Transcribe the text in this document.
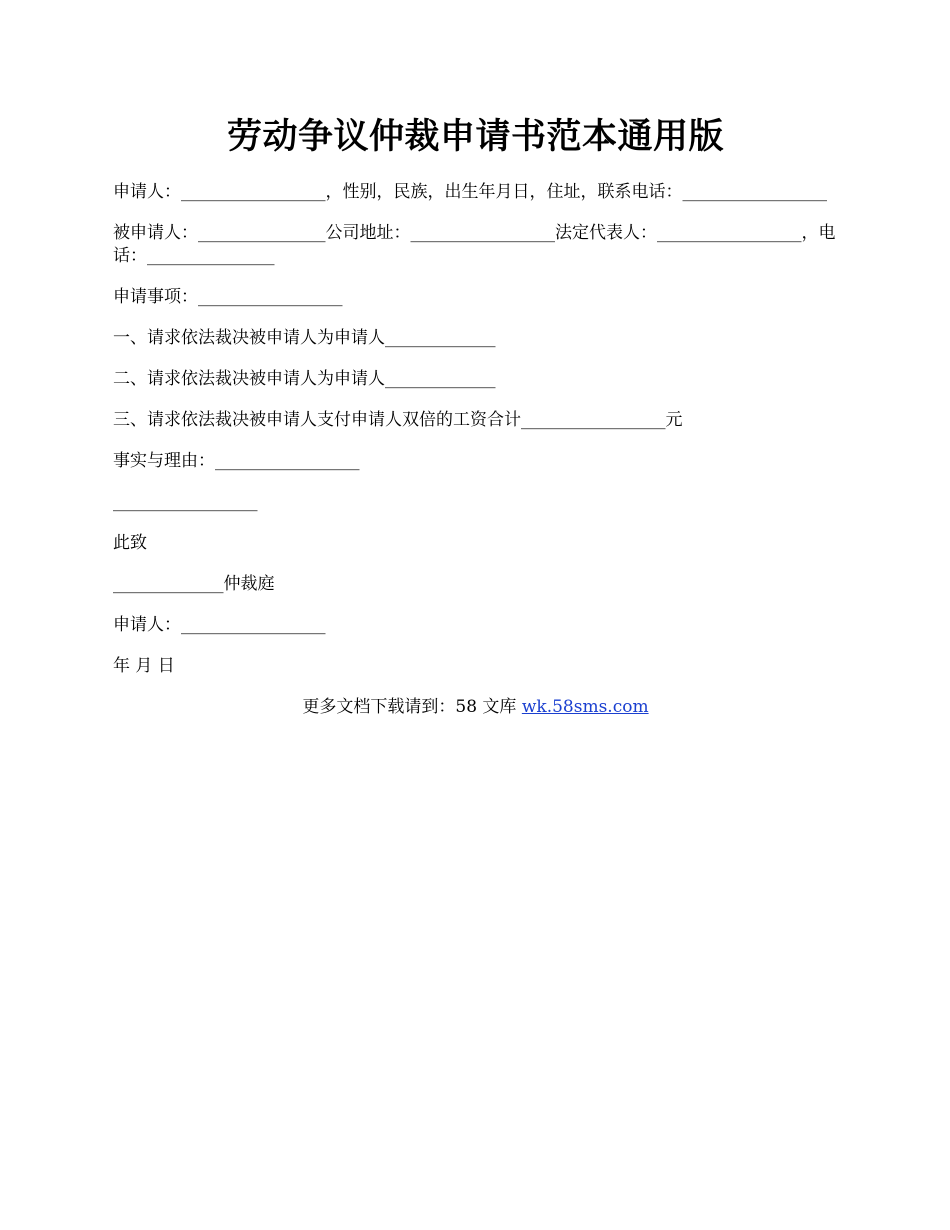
劳动争议仲裁申请书范本通用版

申请人：_________________，性别，民族，出生年月日，住址，联系电话：_________________

被申请人：_______________公司地址：_________________法定代表人：_________________，电话：_______________

申请事项：_________________

一、请求依法裁决被申请人为申请人_____________

二、请求依法裁决被申请人为申请人_____________

三、请求依法裁决被申请人支付申请人双倍的工资合计_________________元

事实与理由：_________________

_________________

此致

_____________仲裁庭

申请人：_________________

年 月 日

更多文档下载请到：58 文库 wk.58sms.com
